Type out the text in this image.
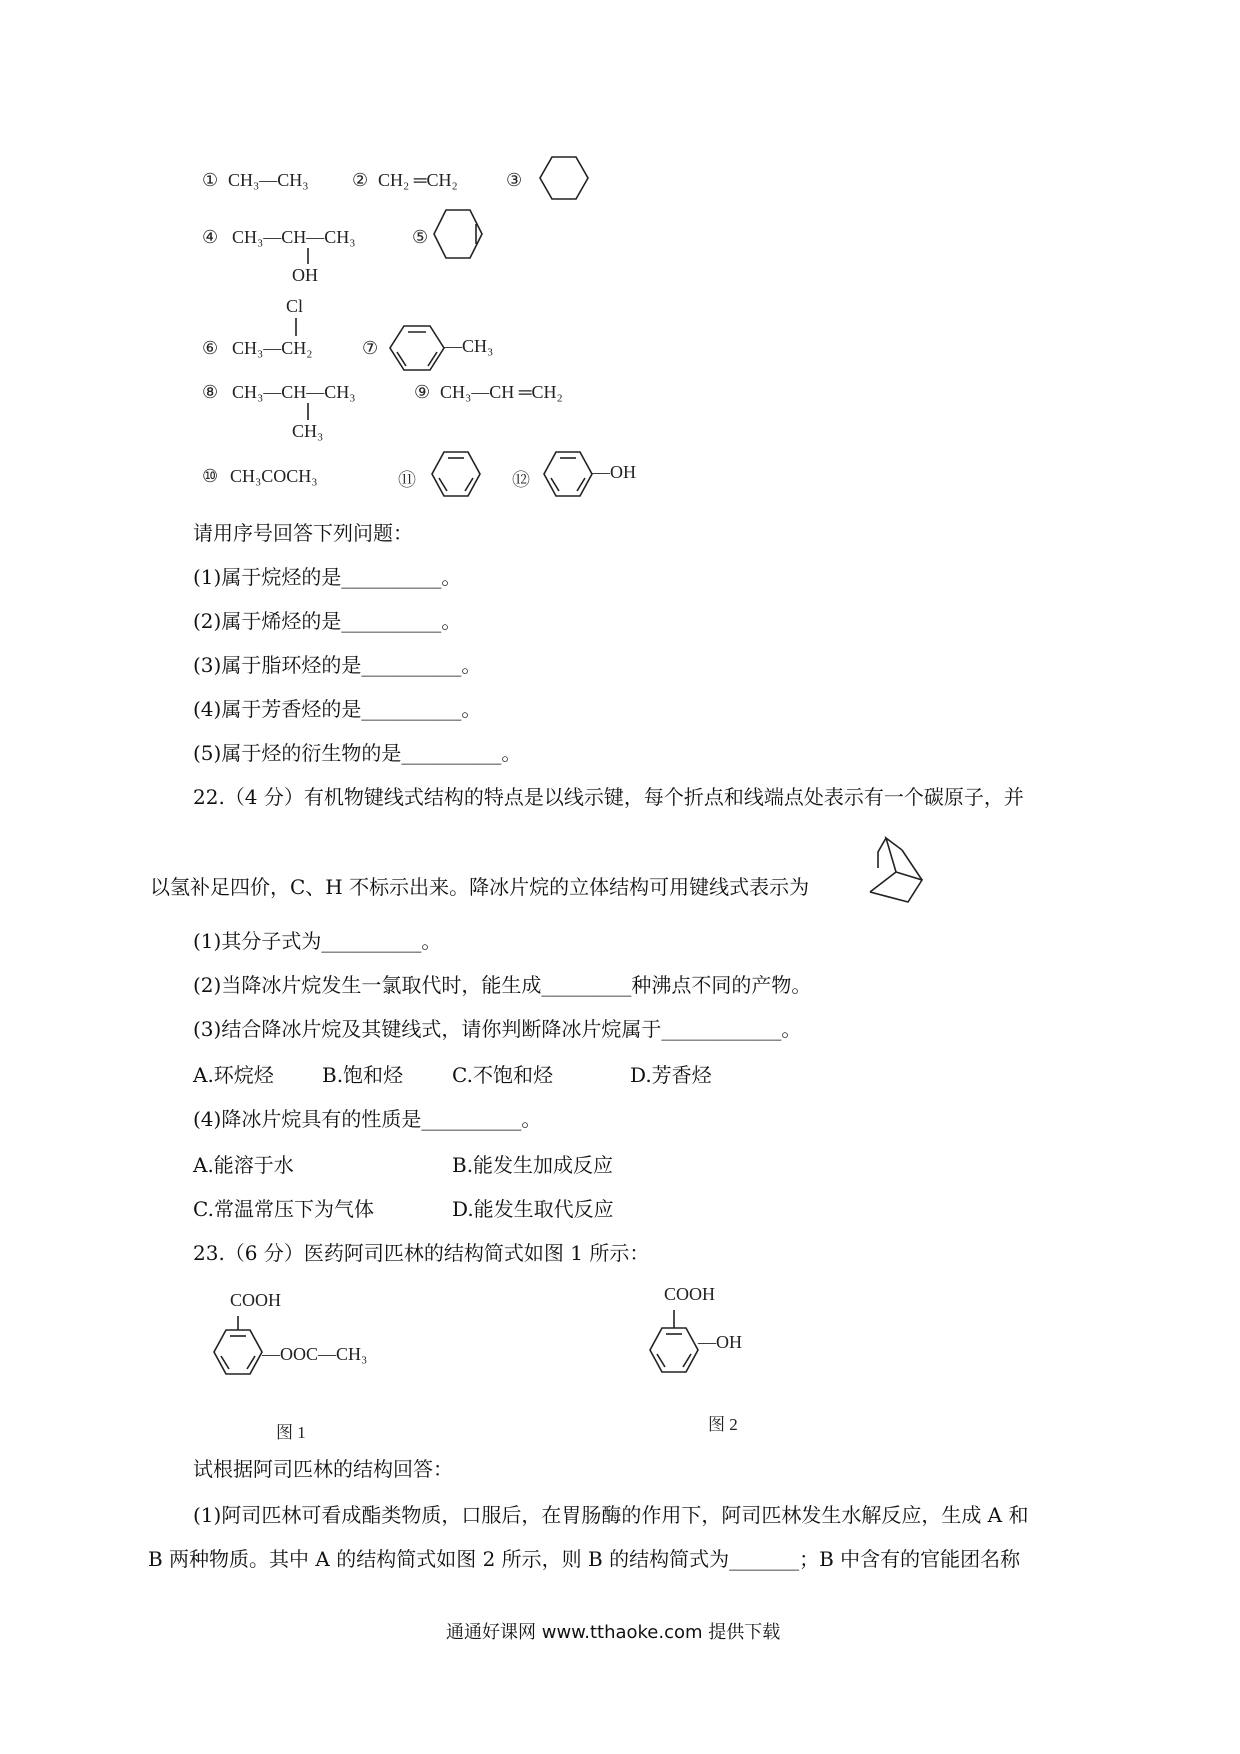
① CH₃—CH₃ ② CH₂ ═CH₂	③
④ CH₃—CH—CH₃
OH
⑤
Cl
⑥ CH₃—CH₂	⑦	—CH₃
⑧ CH₃—CH—CH₃
CH₃
⑨ CH₃—CH ═CH₂
⑩ CH₃COCH₃	⑪	⑫	—OH
请用序号回答下列问题：
(1)属于烷烃的是__________。
(2)属于烯烃的是__________。
(3)属于脂环烃的是__________。
(4)属于芳香烃的是__________。
(5)属于烃的衍生物的是__________。
22.（4 分）有机物键线式结构的特点是以线示键，每个折点和线端点处表示有一个碳原子，并
以氢补足四价，C、H 不标示出来。降冰片烷的立体结构可用键线式表示为
(1)其分子式为__________。
(2)当降冰片烷发生一氯取代时，能生成_________种沸点不同的产物。
(3)结合降冰片烷及其键线式，请你判断降冰片烷属于____________。
A.环烷烃 B.饱和烃 C.不饱和烃	D.芳香烃
(4)降冰片烷具有的性质是__________。
A.能溶于水	B.能发生加成反应
C.常温常压下为气体	D.能发生取代反应
23.（6 分）医药阿司匹林的结构简式如图 1 所示：
COOH
—OOC—CH₃
图 1
COOH
—OH
图 2
试根据阿司匹林的结构回答：
(1)阿司匹林可看成酯类物质，口服后，在胃肠酶的作用下，阿司匹林发生水解反应，生成 A 和
B 两种物质。其中 A 的结构简式如图 2 所示，则 B 的结构简式为_______；B 中含有的官能团名称
通通好课网 www.tthaoke.com 提供下载
